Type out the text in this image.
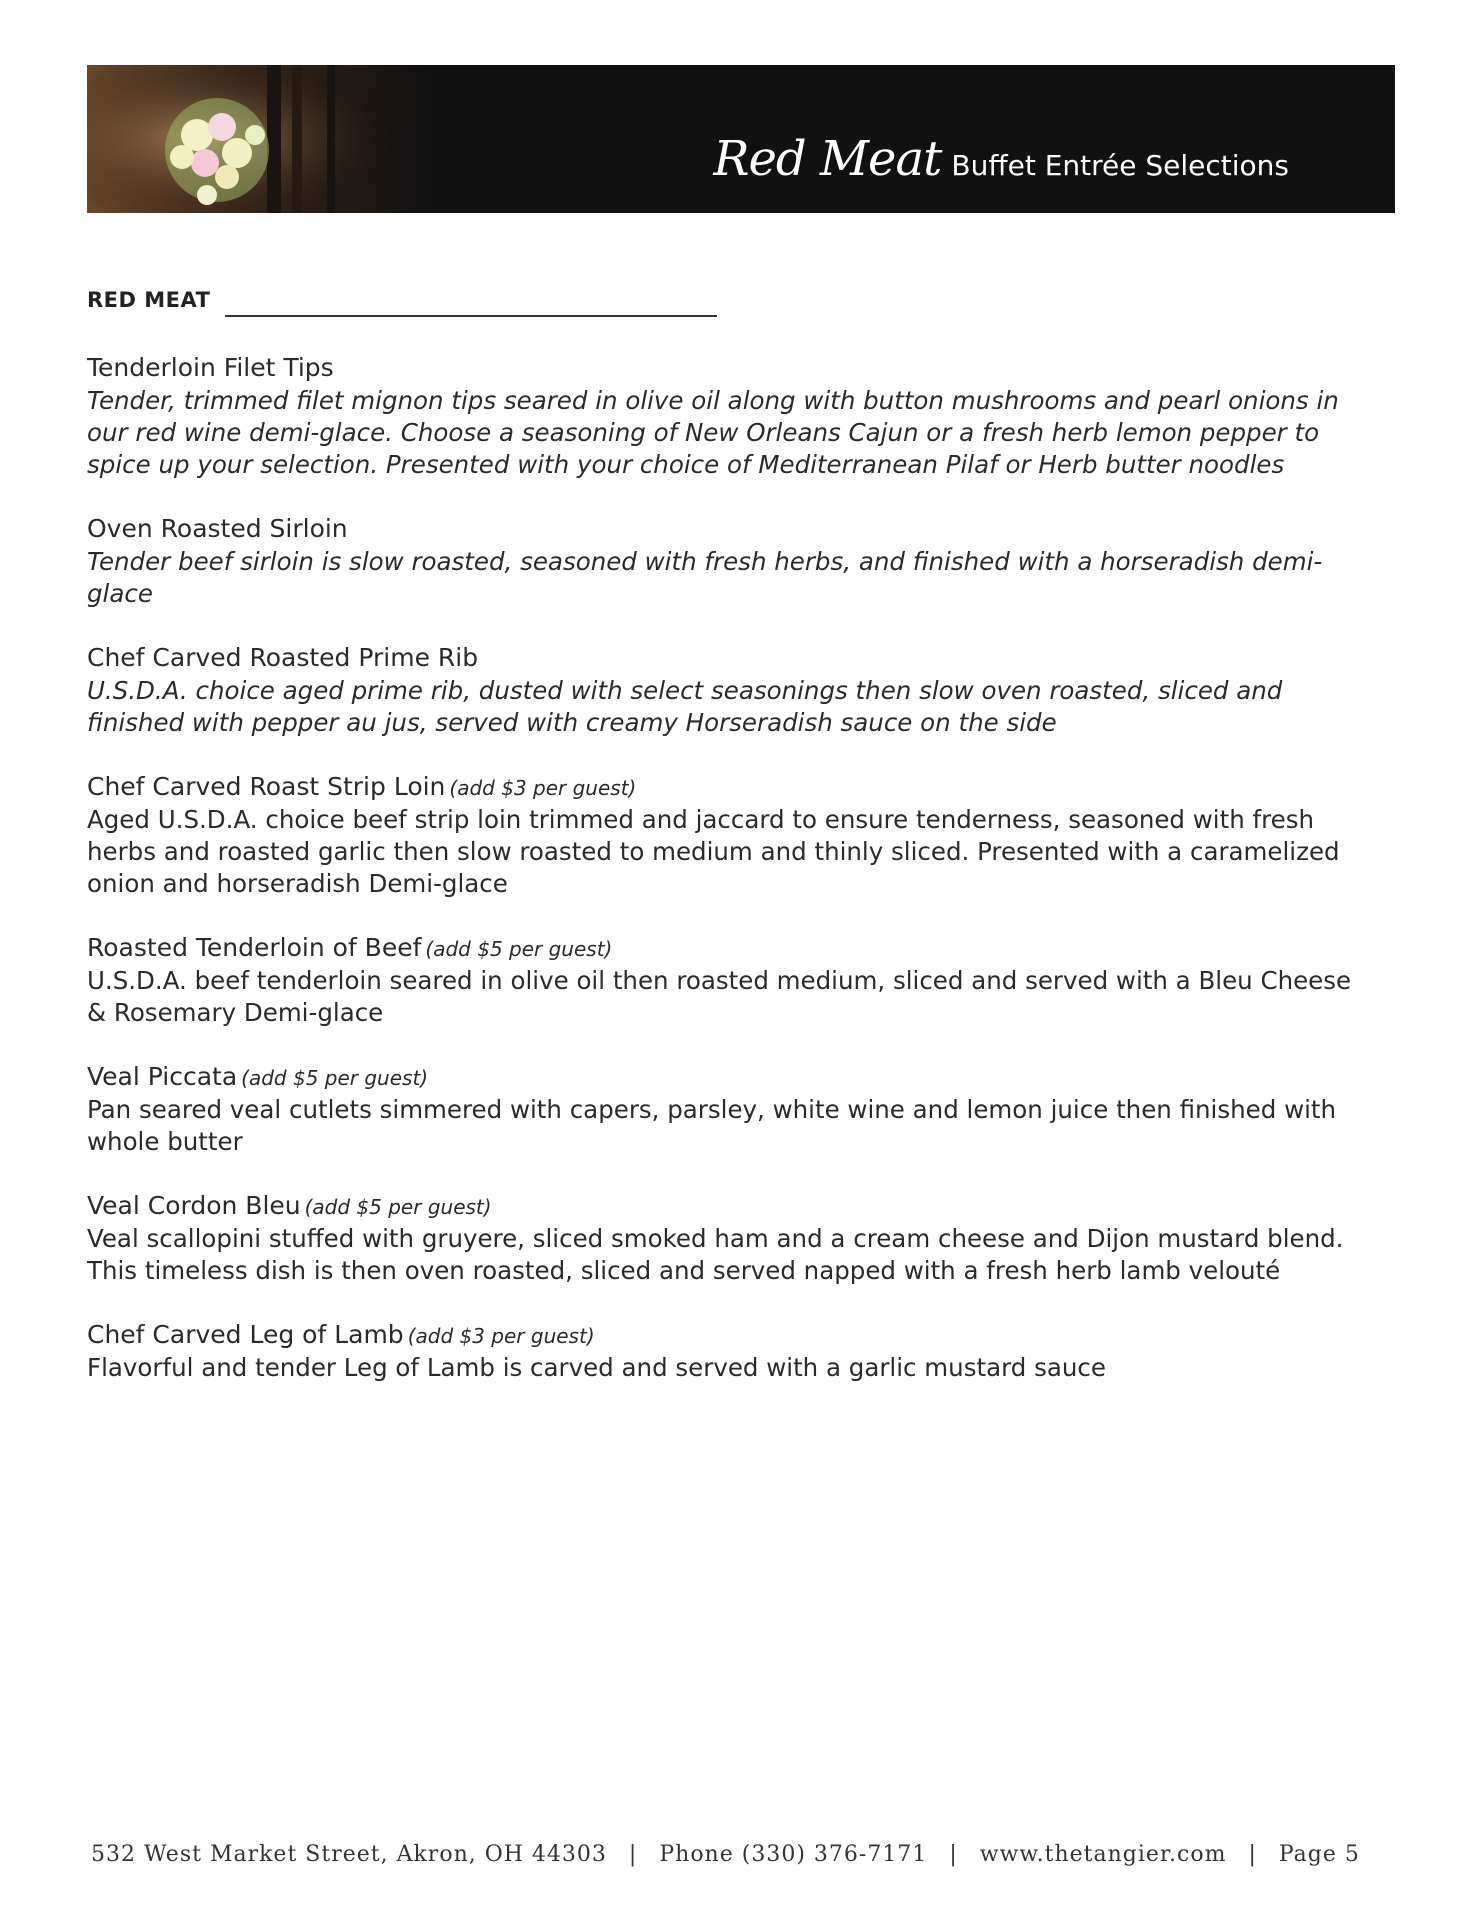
Red Meat Buffet Entrée Selections
RED MEAT
Tenderloin Filet Tips
Tender, trimmed filet mignon tips seared in olive oil along with button mushrooms and pearl onions in our red wine demi-glace. Choose a seasoning of New Orleans Cajun or a fresh herb lemon pepper to spice up your selection. Presented with your choice of Mediterranean Pilaf or Herb butter noodles
Oven Roasted Sirloin
Tender beef sirloin is slow roasted, seasoned with fresh herbs, and finished with a horseradish demi-glace
Chef Carved Roasted Prime Rib
U.S.D.A. choice aged prime rib, dusted with select seasonings then slow oven roasted, sliced and finished with pepper au jus, served with creamy Horseradish sauce on the side
Chef Carved Roast Strip Loin (add $3 per guest)
Aged U.S.D.A. choice beef strip loin trimmed and jaccard to ensure tenderness, seasoned with fresh herbs and roasted garlic then slow roasted to medium and thinly sliced. Presented with a caramelized onion and horseradish Demi-glace
Roasted Tenderloin of Beef (add $5 per guest)
U.S.D.A. beef tenderloin seared in olive oil then roasted medium, sliced and served with a Bleu Cheese & Rosemary Demi-glace
Veal Piccata (add $5 per guest)
Pan seared veal cutlets simmered with capers, parsley, white wine and lemon juice then finished with whole butter
Veal Cordon Bleu (add $5 per guest)
Veal scallopini stuffed with gruyere, sliced smoked ham and a cream cheese and Dijon mustard blend. This timeless dish is then oven roasted, sliced and served napped with a fresh herb lamb velouté
Chef Carved Leg of Lamb (add $3 per guest)
Flavorful and tender Leg of Lamb is carved and served with a garlic mustard sauce
532 West Market Street, Akron, OH 44303 | Phone (330) 376-7171 | www.thetangier.com | Page 5
